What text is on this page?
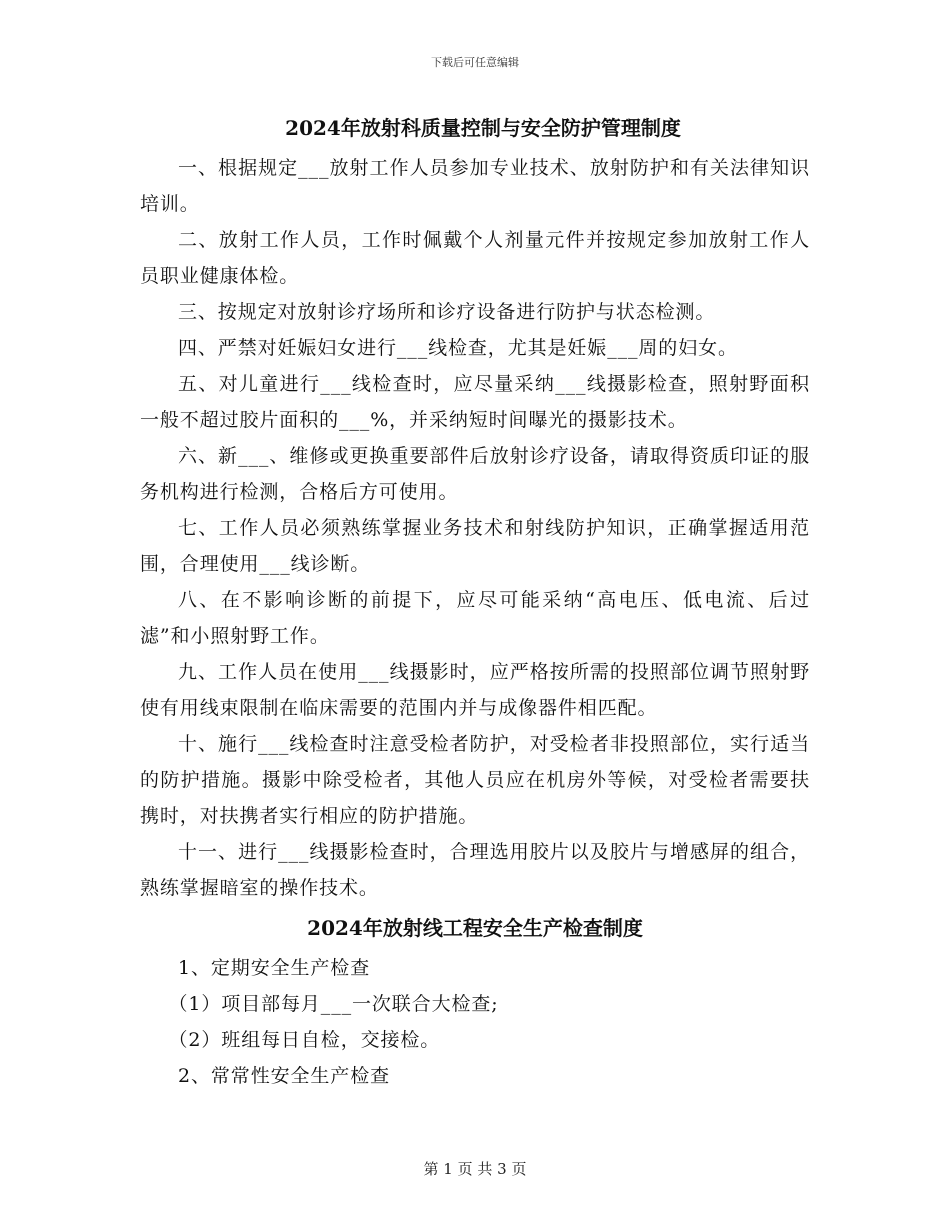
下载后可任意编辑
2024年放射科质量控制与安全防护管理制度

一、根据规定___放射工作人员参加专业技术、放射防护和有关法律知识培训。

二、放射工作人员，工作时佩戴个人剂量元件并按规定参加放射工作人员职业健康体检。

三、按规定对放射诊疗场所和诊疗设备进行防护与状态检测。

四、严禁对妊娠妇女进行___线检查，尤其是妊娠___周的妇女。

五、对儿童进行___线检查时，应尽量采纳___线摄影检查，照射野面积一般不超过胶片面积的___%，并采纳短时间曝光的摄影技术。

六、新___、维修或更换重要部件后放射诊疗设备，请取得资质印证的服务机构进行检测，合格后方可使用。

七、工作人员必须熟练掌握业务技术和射线防护知识，正确掌握适用范围，合理使用___线诊断。

八、在不影响诊断的前提下，应尽可能采纳“高电压、低电流、后过滤”和小照射野工作。

九、工作人员在使用___线摄影时，应严格按所需的投照部位调节照射野使有用线束限制在临床需要的范围内并与成像器件相匹配。

十、施行___线检查时注意受检者防护，对受检者非投照部位，实行适当的防护措施。摄影中除受检者，其他人员应在机房外等候，对受检者需要扶携时，对扶携者实行相应的防护措施。

十一、进行___线摄影检查时，合理选用胶片以及胶片与增感屏的组合，熟练掌握暗室的操作技术。

2024年放射线工程安全生产检查制度

1、定期安全生产检查

（1）项目部每月___一次联合大检查;

（2）班组每日自检，交接检。

2、常常性安全生产检查

第 1 页 共 3 页
